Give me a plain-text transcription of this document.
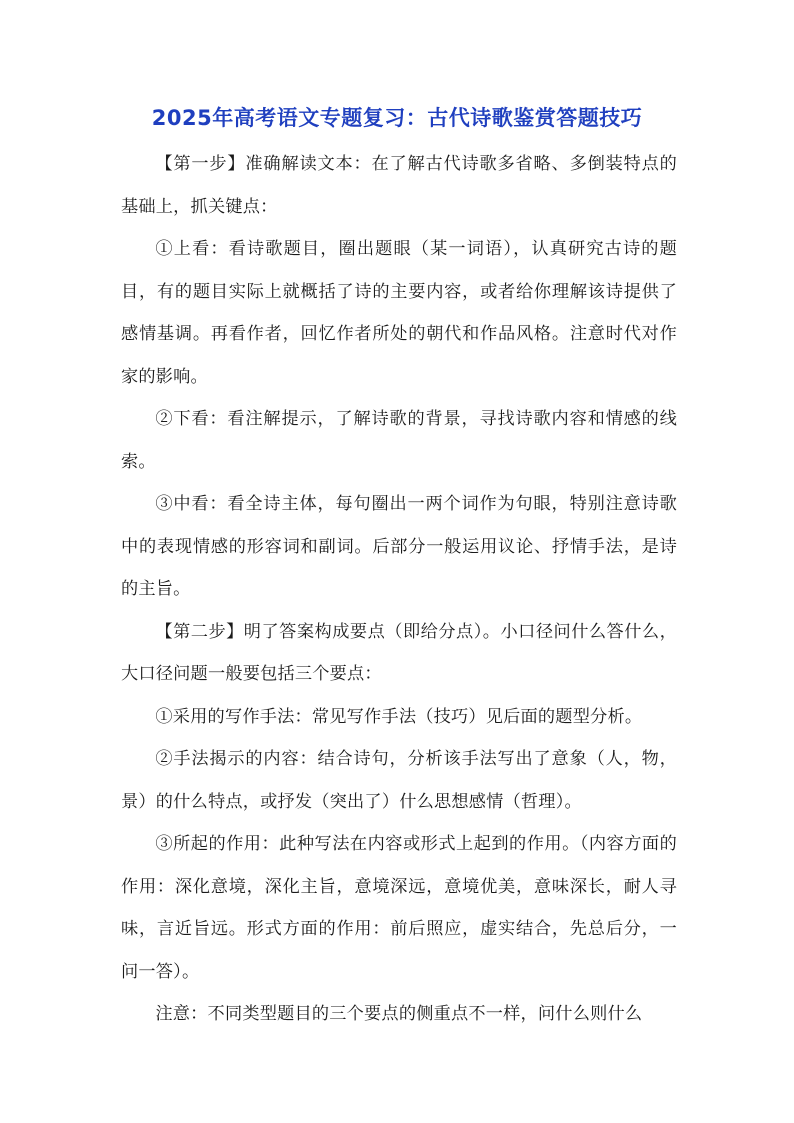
2025年高考语文专题复习：古代诗歌鉴赏答题技巧

【第一步】准确解读文本：在了解古代诗歌多省略、多倒装特点的基础上，抓关键点：

①上看：看诗歌题目，圈出题眼（某一词语），认真研究古诗的题目，有的题目实际上就概括了诗的主要内容，或者给你理解该诗提供了感情基调。再看作者，回忆作者所处的朝代和作品风格。注意时代对作家的影响。

②下看：看注解提示，了解诗歌的背景，寻找诗歌内容和情感的线索。

③中看：看全诗主体，每句圈出一两个词作为句眼，特别注意诗歌中的表现情感的形容词和副词。后部分一般运用议论、抒情手法，是诗的主旨。

【第二步】明了答案构成要点（即给分点）。小口径问什么答什么，大口径问题一般要包括三个要点：

①采用的写作手法：常见写作手法（技巧）见后面的题型分析。

②手法揭示的内容：结合诗句，分析该手法写出了意象（人，物，景）的什么特点，或抒发（突出了）什么思想感情（哲理）。

③所起的作用：此种写法在内容或形式上起到的作用。（内容方面的作用：深化意境，深化主旨，意境深远，意境优美，意味深长，耐人寻味，言近旨远。形式方面的作用：前后照应，虚实结合，先总后分，一问一答）。

注意：不同类型题目的三个要点的侧重点不一样，问什么则什么
